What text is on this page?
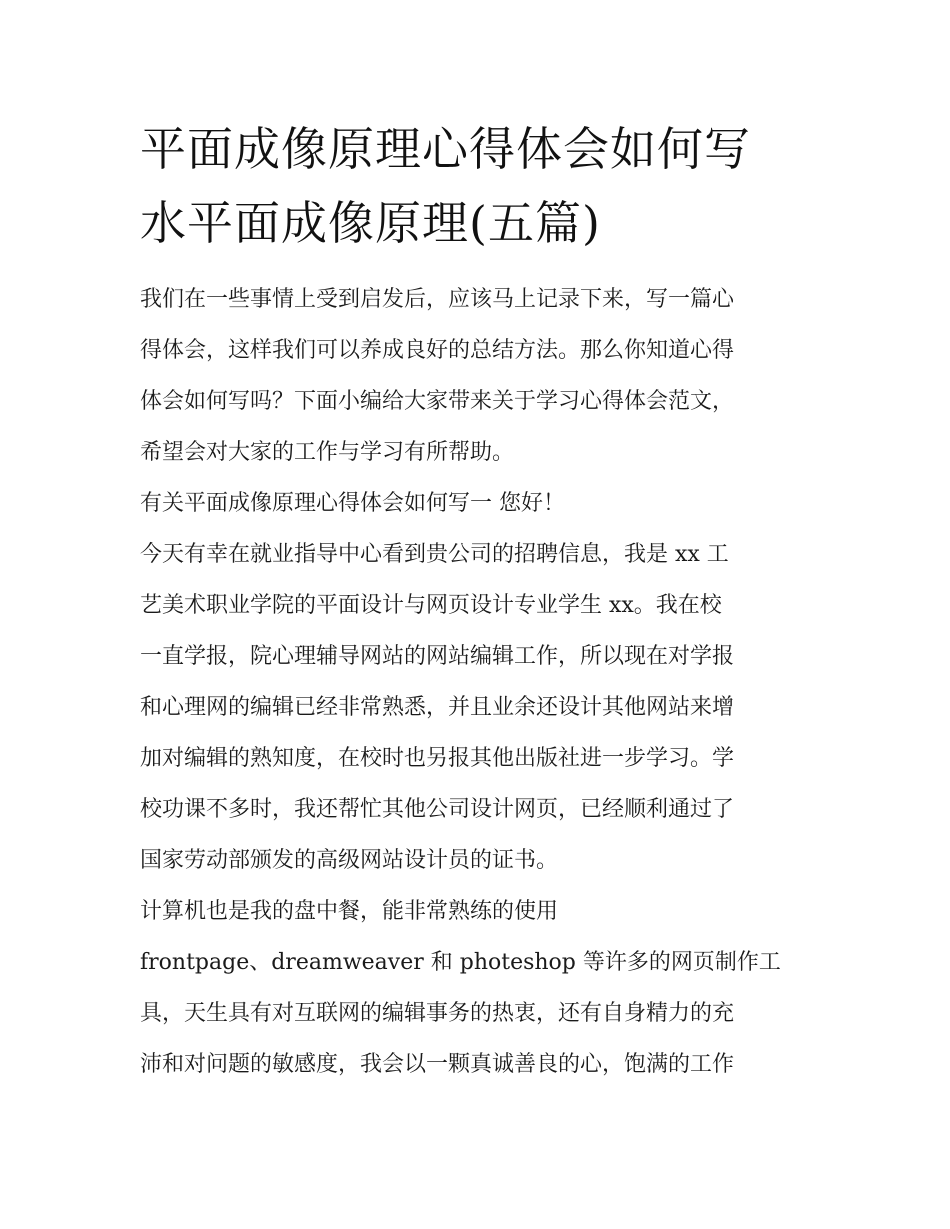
平面成像原理心得体会如何写
水平面成像原理(五篇)
我们在一些事情上受到启发后，应该马上记录下来，写一篇心
得体会，这样我们可以养成良好的总结方法。那么你知道心得
体会如何写吗？下面小编给大家带来关于学习心得体会范文，
希望会对大家的工作与学习有所帮助。
有关平面成像原理心得体会如何写一 您好！
今天有幸在就业指导中心看到贵公司的招聘信息，我是 xx 工
艺美术职业学院的平面设计与网页设计专业学生 xx。我在校
一直学报，院心理辅导网站的网站编辑工作，所以现在对学报
和心理网的编辑已经非常熟悉，并且业余还设计其他网站来增
加对编辑的熟知度，在校时也另报其他出版社进一步学习。学
校功课不多时，我还帮忙其他公司设计网页，已经顺利通过了
国家劳动部颁发的高级网站设计员的证书。
计算机也是我的盘中餐，能非常熟练的使用
frontpage、dreamweaver 和 photeshop 等许多的网页制作工
具，天生具有对互联网的编辑事务的热衷，还有自身精力的充
沛和对问题的敏感度，我会以一颗真诚善良的心，饱满的工作
